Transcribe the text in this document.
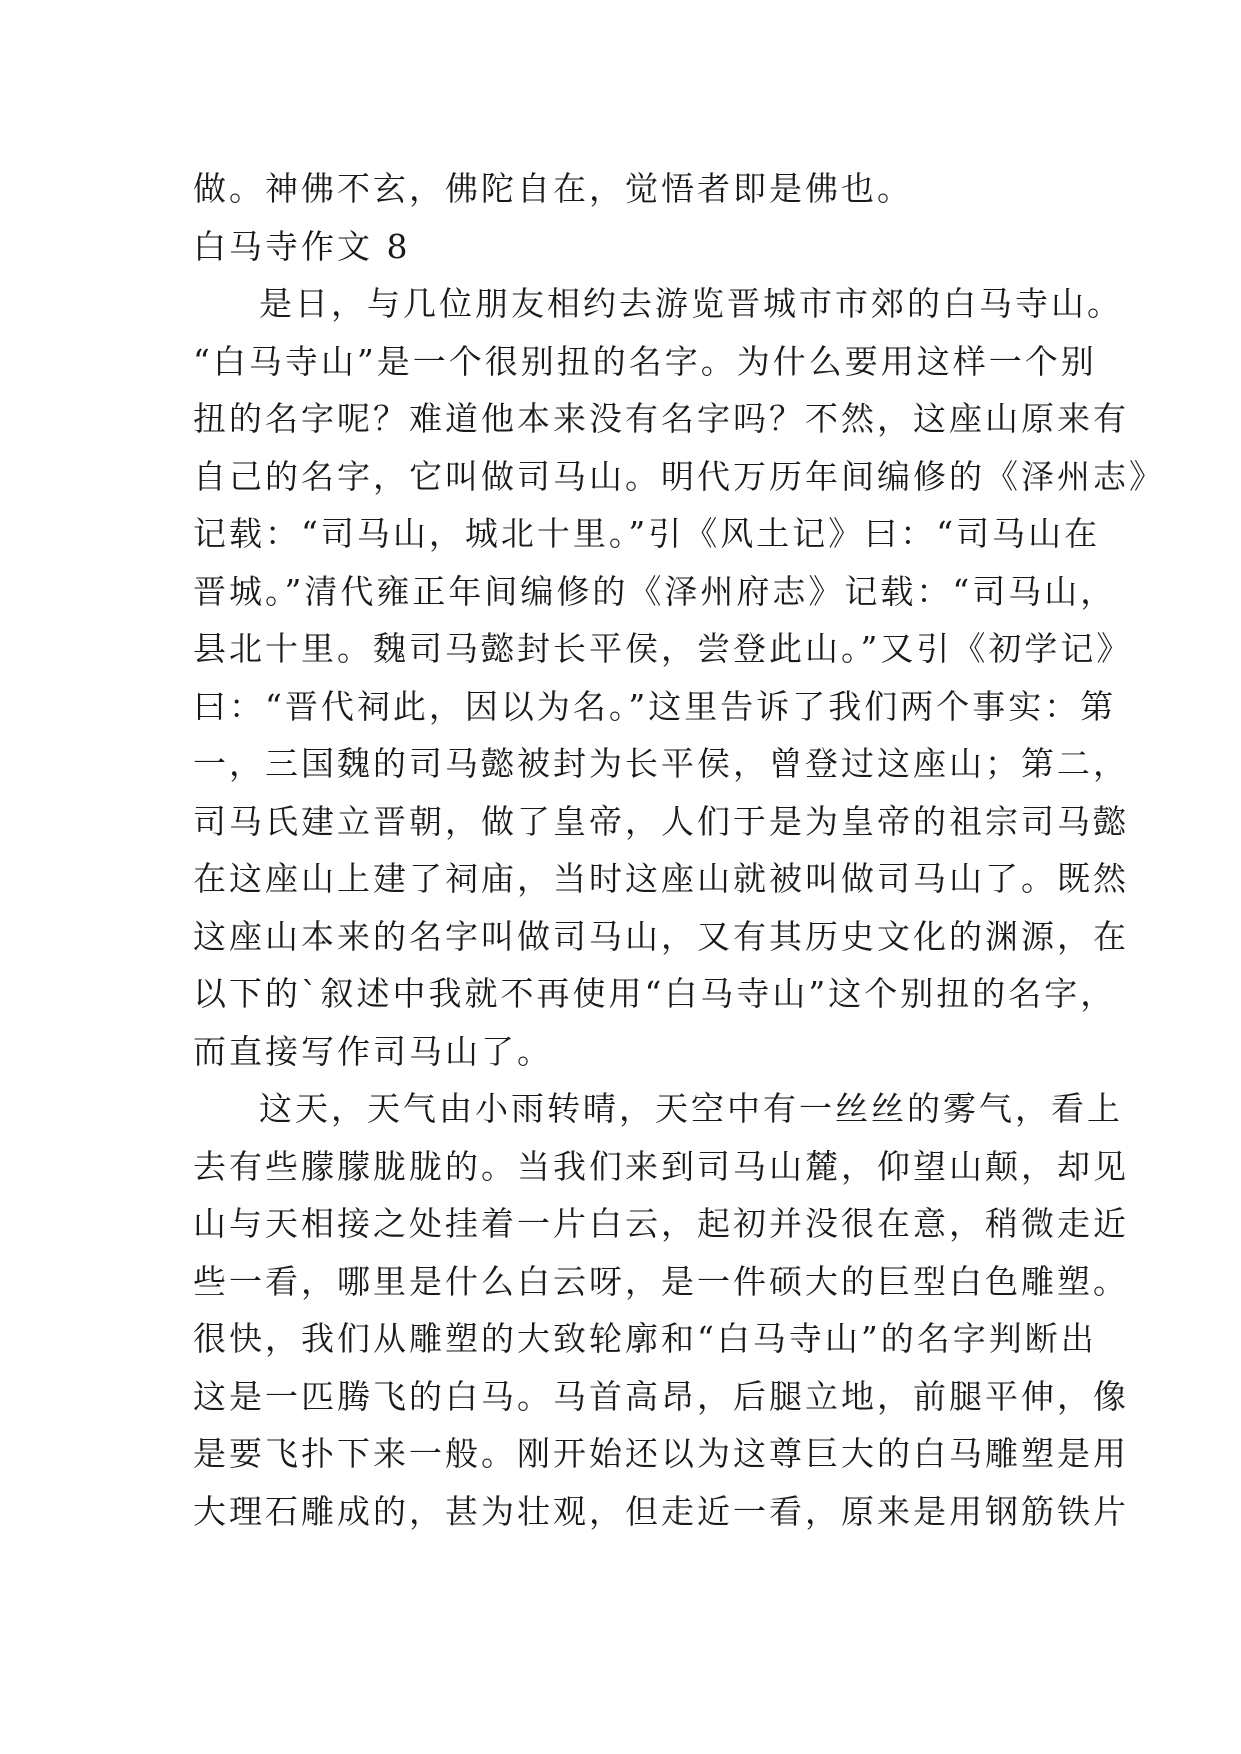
做。神佛不玄，佛陀自在，觉悟者即是佛也。
白马寺作文 8
是日，与几位朋友相约去游览晋城市市郊的白马寺山。
“白马寺山”是一个很别扭的名字。为什么要用这样一个别
扭的名字呢？难道他本来没有名字吗？不然，这座山原来有
自己的名字，它叫做司马山。明代万历年间编修的《泽州志》
记载：“司马山，城北十里。”引《风土记》曰：“司马山在
晋城。”清代雍正年间编修的《泽州府志》记载：“司马山，
县北十里。魏司马懿封长平侯，尝登此山。”又引《初学记》
曰：“晋代祠此，因以为名。”这里告诉了我们两个事实：第
一，三国魏的司马懿被封为长平侯，曾登过这座山；第二，
司马氏建立晋朝，做了皇帝，人们于是为皇帝的祖宗司马懿
在这座山上建了祠庙，当时这座山就被叫做司马山了。既然
这座山本来的名字叫做司马山，又有其历史文化的渊源，在
以下的`叙述中我就不再使用“白马寺山”这个别扭的名字，
而直接写作司马山了。
这天，天气由小雨转晴，天空中有一丝丝的雾气，看上
去有些朦朦胧胧的。当我们来到司马山麓，仰望山颠，却见
山与天相接之处挂着一片白云，起初并没很在意，稍微走近
些一看，哪里是什么白云呀，是一件硕大的巨型白色雕塑。
很快，我们从雕塑的大致轮廓和“白马寺山”的名字判断出
这是一匹腾飞的白马。马首高昂，后腿立地，前腿平伸，像
是要飞扑下来一般。刚开始还以为这尊巨大的白马雕塑是用
大理石雕成的，甚为壮观，但走近一看，原来是用钢筋铁片
